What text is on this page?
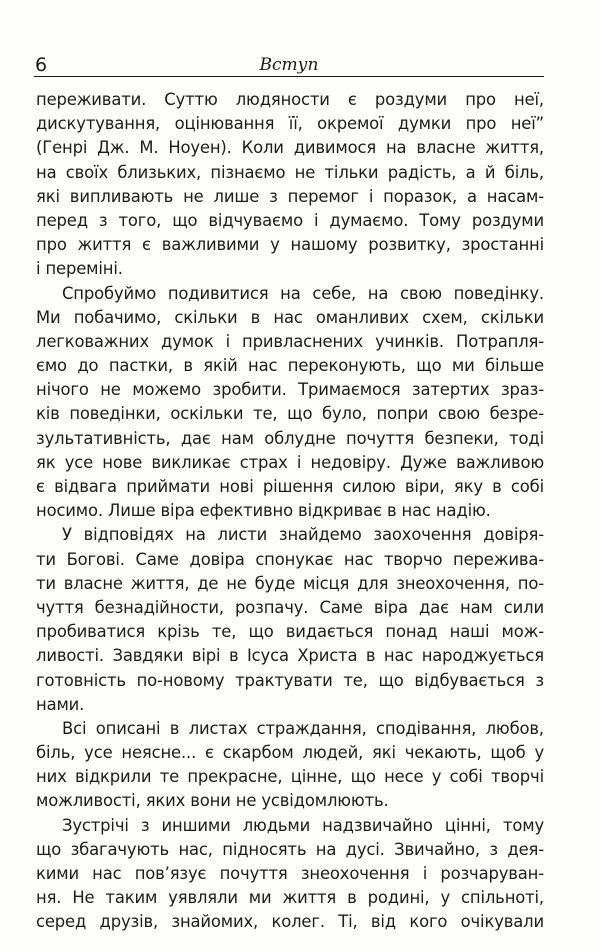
6	Вступ

переживати. Суттю людяности є роздуми про неї,
дискутування, оцінювання її, окремої думки про неї”
(Генрі Дж. М. Ноуен). Коли дивимося на власне життя,
на своїх близьких, пізнаємо не тільки радість, а й біль,
які випливають не лише з перемог і поразок, а насам-
перед з того, що відчуваємо і думаємо. Тому роздуми
про життя є важливими у нашому розвитку, зростанні
і переміні.

Спробуймо подивитися на себе, на свою поведінку.
Ми побачимо, скільки в нас оманливих схем, скільки
легковажних думок і привласнених учинків. Потрапля-
ємо до пастки, в якій нас переконують, що ми більше
нічого не можемо зробити. Тримаємося затертих зраз-
ків поведінки, оскільки те, що було, попри свою безре-
зультативність, дає нам облудне почуття безпеки, тоді
як усе нове викликає страх і недовіру. Дуже важливою
є відвага приймати нові рішення силою віри, яку в собі
носимо. Лише віра ефективно відкриває в нас надію.

У відповідях на листи знайдемо заохочення довіря-
ти Богові. Саме довіра спонукає нас творчо пережива-
ти власне життя, де не буде місця для знеохочення, по-
чуття безнадійности, розпачу. Саме віра дає нам сили
пробиватися крізь те, що видається понад наші мож-
ливості. Завдяки вірі в Ісуса Христа в нас народжується
готовність по-новому трактувати те, що відбувається з
нами.

Всі описані в листах страждання, сподівання, любов,
біль, усе неясне... є скарбом людей, які чекають, щоб у
них відкрили те прекрасне, цінне, що несе у собі творчі
можливості, яких вони не усвідомлюють.

Зустрічі з иншими людьми надзвичайно цінні, тому
що збагачують нас, підносять на дусі. Звичайно, з дея-
кими нас пов’язує почуття знеохочення і розчаруван-
ня. Не таким уявляли ми життя в родині, у спільноті,
серед друзів, знайомих, колег. Ті, від кого очікували
